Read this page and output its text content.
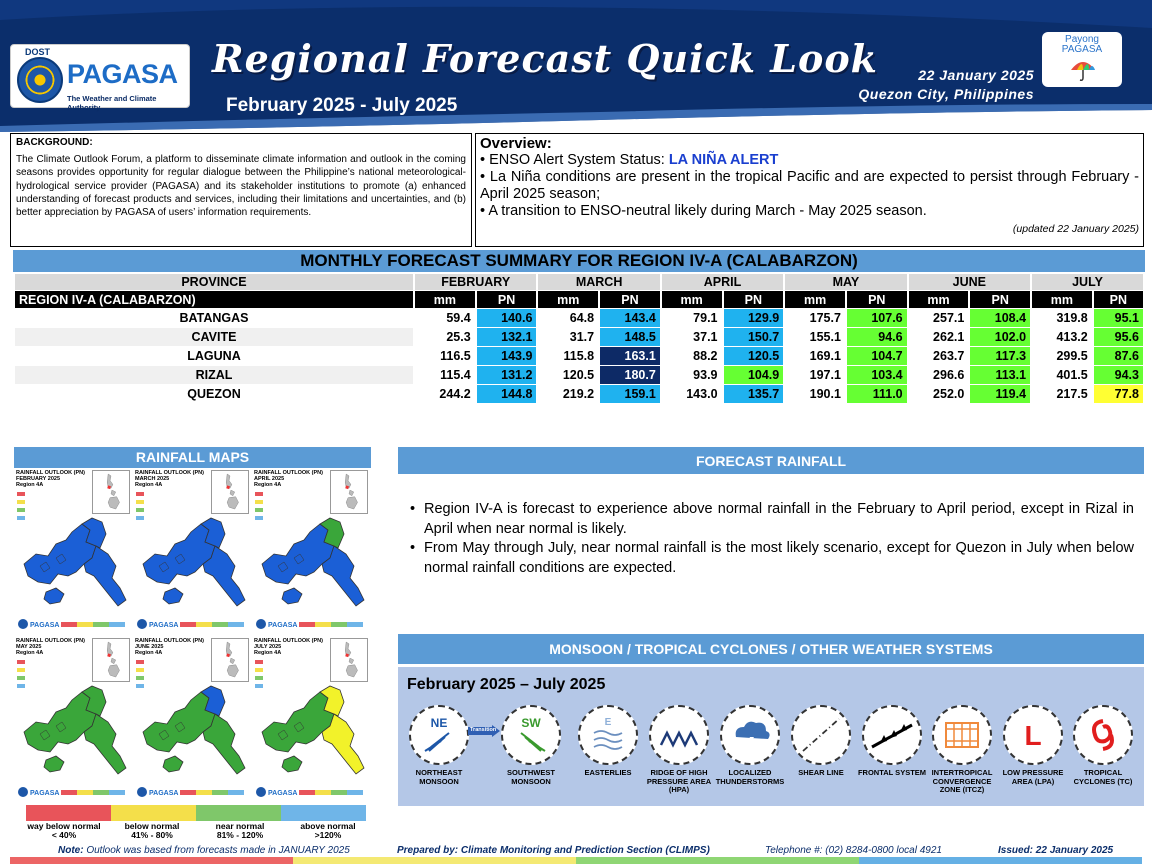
DOST
PAGASA
The Weather and Climate Authority
Regional Forecast Quick Look
February 2025 - July 2025
22 January 2025
Quezon City, Philippines
Payong
PAGASA
BACKGROUND:
The Climate Outlook Forum, a platform to disseminate climate information and outlook in the coming seasons provides opportunity for regular dialogue between the Philippine’s national meteorological-hydrological service provider (PAGASA) and its stakeholder institutions to promote (a) enhanced understanding of forecast products and services, including their limitations and uncertainties, and (b) better appreciation by PAGASA of users’ information requirements.
Overview:
• ENSO Alert System Status: LA NIÑA ALERT
• La Niña conditions are present in the tropical Pacific and are expected to persist through February - April 2025 season;
• A transition to ENSO-neutral likely during March - May 2025 season.
(updated 22 January 2025)
MONTHLY FORECAST SUMMARY FOR REGION IV-A (CALABARZON)
PROVINCE	FEBRUARY		MARCH		APRIL		MAY		JUNE		JULY	
REGION IV-A (CALABARZON)	mm	PN	mm	PN	mm	PN	mm	PN	mm	PN	mm	PN
BATANGAS	59.4	140.6	64.8	143.4	79.1	129.9	175.7	107.6	257.1	108.4	319.8	95.1
CAVITE	25.3	132.1	31.7	148.5	37.1	150.7	155.1	94.6	262.1	102.0	413.2	95.6
LAGUNA	116.5	143.9	115.8	163.1	88.2	120.5	169.1	104.7	263.7	117.3	299.5	87.6
RIZAL	115.4	131.2	120.5	180.7	93.9	104.9	197.1	103.4	296.6	113.1	401.5	94.3
QUEZON	244.2	144.8	219.2	159.1	143.0	135.7	190.1	111.0	252.0	119.4	217.5	77.8
RAINFALL MAPS
RAINFALL OUTLOOK (PN)
FEBRUARY 2025
Region 4A
PAGASA
RAINFALL OUTLOOK (PN)
MARCH 2025
Region 4A
PAGASA
RAINFALL OUTLOOK (PN)
APRIL 2025
Region 4A
PAGASA
RAINFALL OUTLOOK (PN)
MAY 2025
Region 4A
PAGASA
RAINFALL OUTLOOK (PN)
JUNE 2025
Region 4A
PAGASA
RAINFALL OUTLOOK (PN)
JULY 2025
Region 4A
PAGASA
way below normal
< 40%
below normal
41% - 80%
near normal
81% - 120%
above normal
>120%
FORECAST RAINFALL
• Region IV-A is forecast to experience above normal rainfall in the February to April period, except in Rizal in April when near normal is likely.
• From May through July, near normal rainfall is the most likely scenario, except for Quezon in July when below normal rainfall conditions are expected.
MONSOON / TROPICAL CYCLONES / OTHER WEATHER SYSTEMS
February 2025 – July 2025
NE
NORTHEAST MONSOON
SW
SOUTHWEST MONSOON
E
EASTERLIES	RIDGE OF HIGH PRESSURE AREA (HPA)
LOCALIZED THUNDERSTORMS
SHEAR LINE	FRONTAL SYSTEM INTERTROPICAL CONVERGENCE ZONE (ITCZ)
L
LOW PRESSURE AREA (LPA)
TROPICAL CYCLONES (TC)
Transition
Note: Outlook was based from forecasts made in JANUARY 2025	Prepared by: Climate Monitoring and Prediction Section (CLIMPS)	Telephone #: (02) 8284-0800 local 4921	Issued: 22 January 2025
